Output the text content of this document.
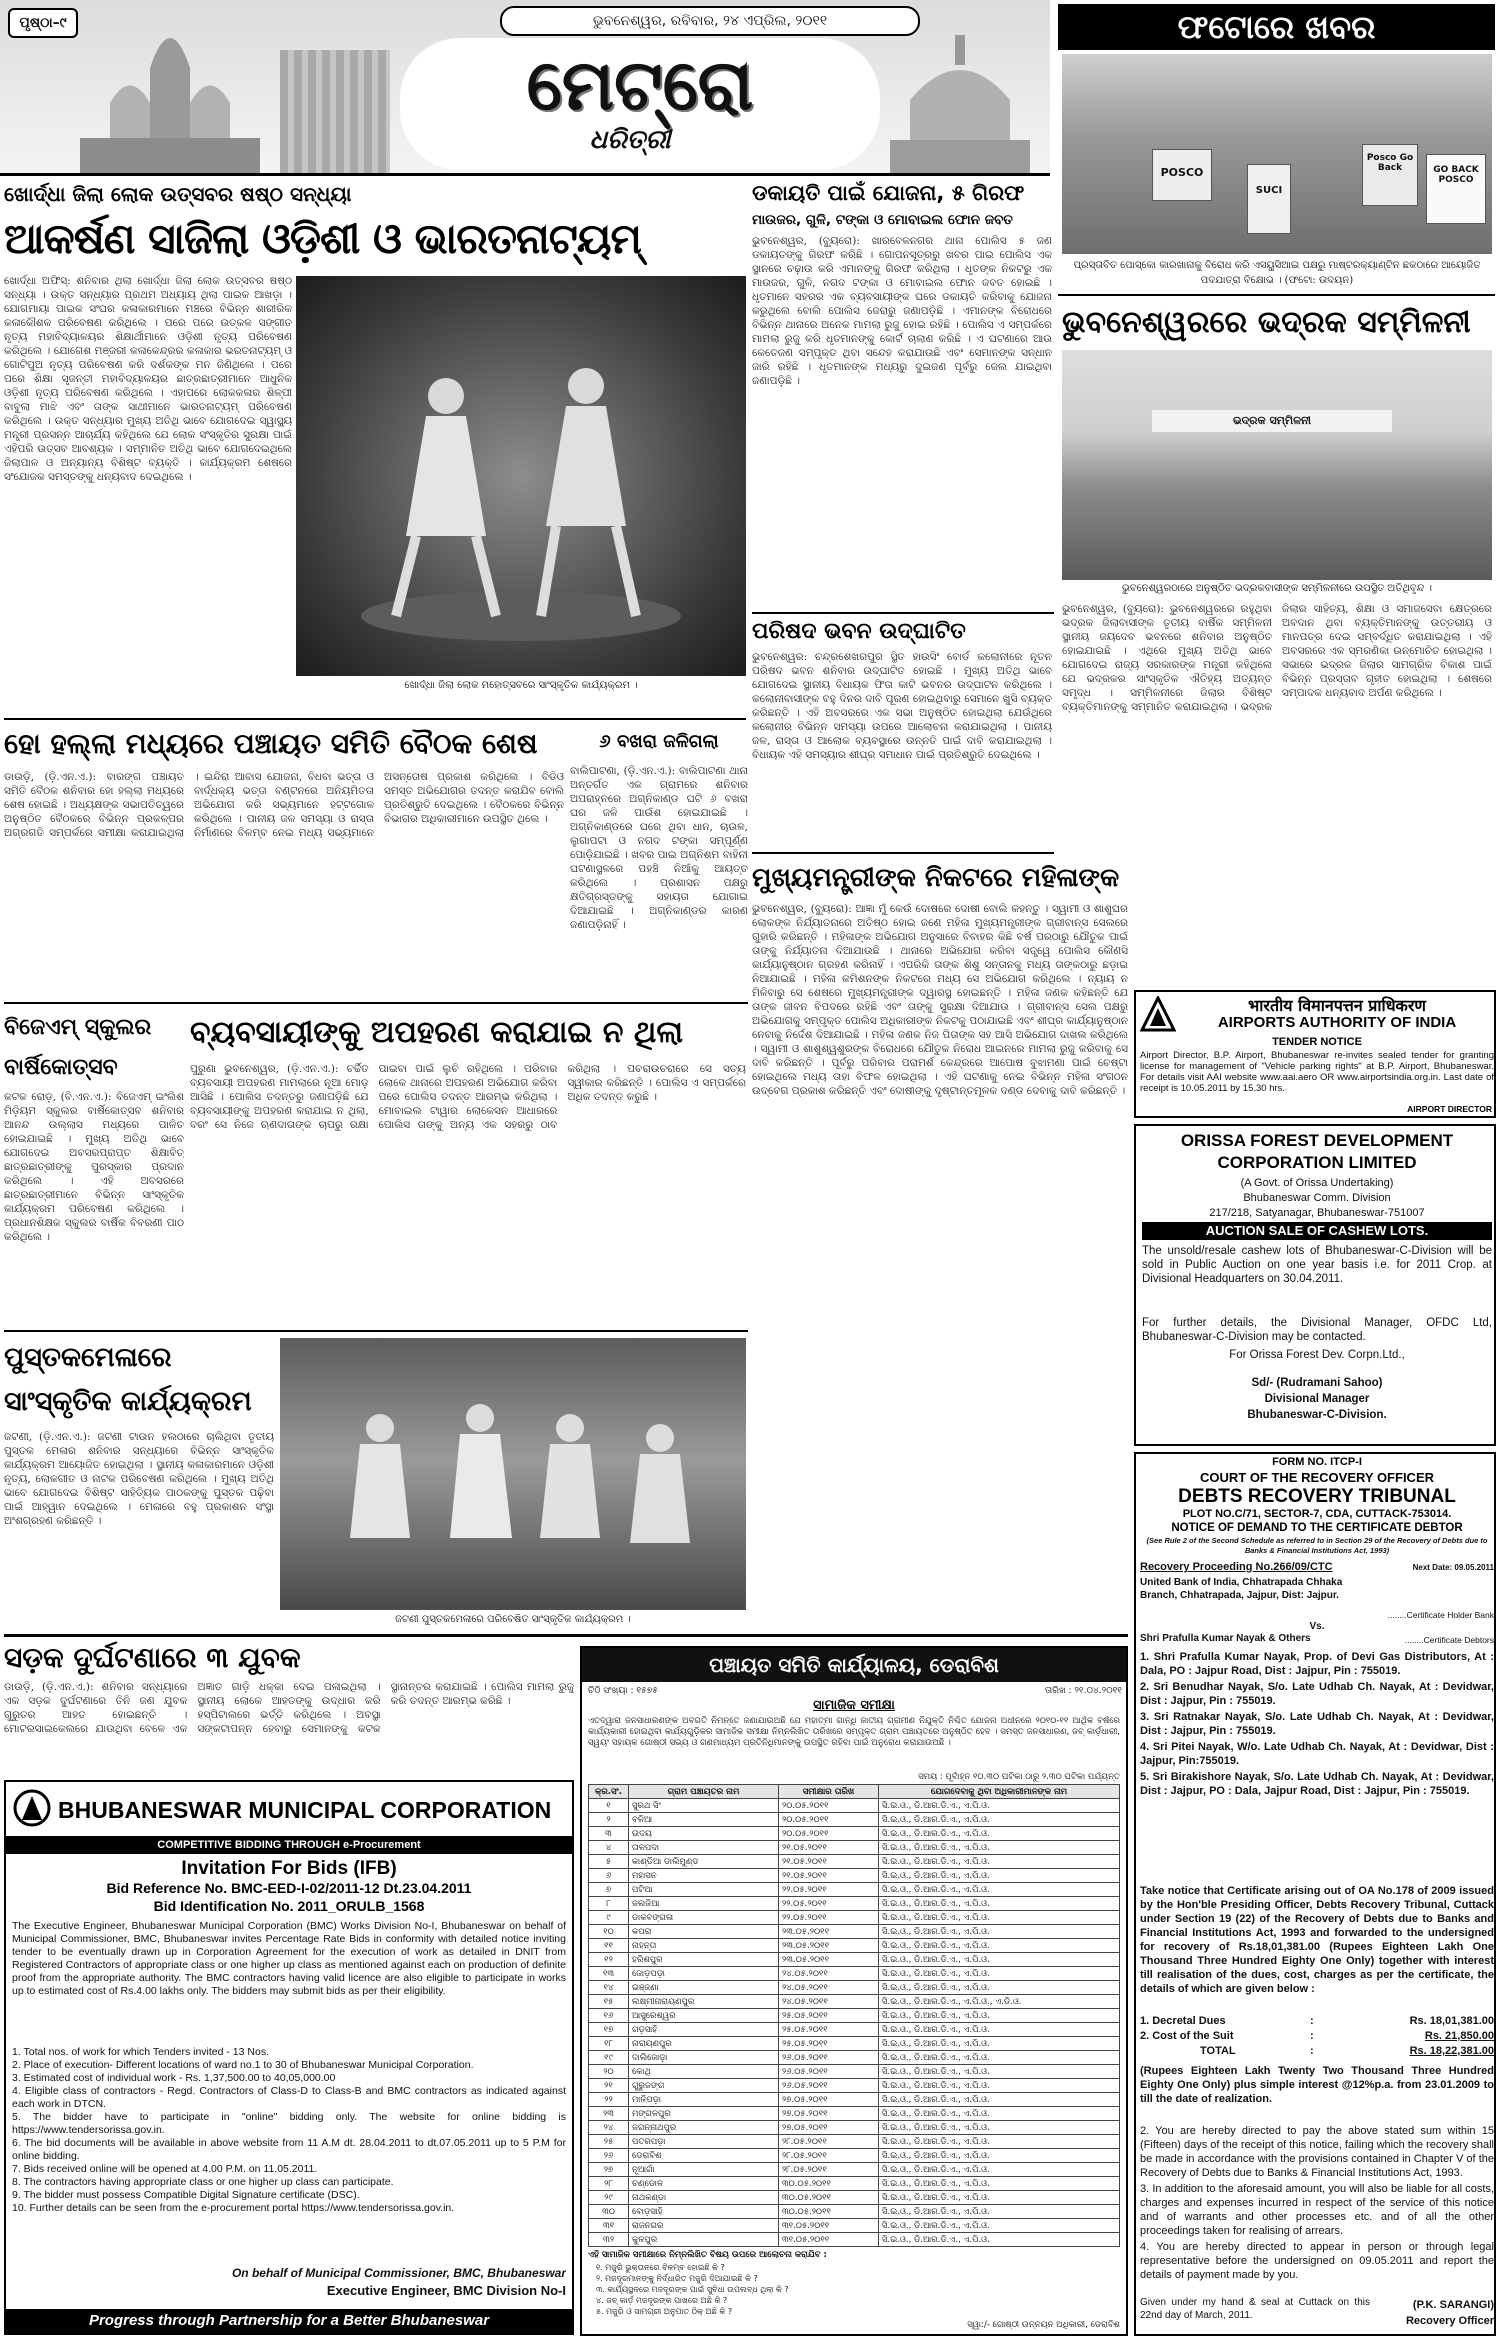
ପୃଷ୍ଠା–୯	ଭୁବନେଶ୍ୱର, ରବିବାର, ୨୪ ଏପ୍ରିଲ, ୨୦୧୧
ମେଟ୍ରୋ
ଧରିତ୍ରୀ
ଫଟୋରେ ଖବର
POSCO
SUCI
Posco Go Back	GO BACK POSCO
ପ୍ରସ୍ତାବିତ ପୋସ୍କୋ କାରଖାନାକୁ ବିରୋଧ କରି ଏସୟୁସିଆଇ ପକ୍ଷରୁ ମାଷ୍ଟରକ୍ୟାଣ୍ଟିନ ଛକଠାରେ ଆୟୋଜିତ ପଦଯାତ୍ରା ବିକ୍ଷୋଭ । (ଫଟୋ: ଉଦୟନ)
ଭୁବନେଶ୍ୱରରେ ଭଦ୍ରକ ସମ୍ମିଳନୀ
ଭଦ୍ରକ ସମ୍ମିଳନୀ
ଭୁବନେଶ୍ୱରଠାରେ ଅନୁଷ୍ଠିତ ଭଦ୍ରକବାସୀଙ୍କ ସମ୍ମିଳନୀରେ ଉପସ୍ଥିତ ଅତିଥିବୃନ୍ଦ ।
ଭୁବନେଶ୍ୱର, (ବ୍ୟୁରୋ): ଭୁବନେଶ୍ୱରରେ ରହୁଥିବା ଭଦ୍ରକ ଜିଲାବାସୀଙ୍କ ତୃତୀୟ ବାର୍ଷିକ ସମ୍ମିଳନୀ ସ୍ଥାନୀୟ ଜୟଦେବ ଭବନରେ ଶନିବାର ଅନୁଷ୍ଠିତ ହୋଇଯାଇଛି । ଏଥିରେ ମୁଖ୍ୟ ଅତିଥି ଭାବେ ଯୋଗଦେଇ ରାଜ୍ୟ ସରକାରଙ୍କ ମନ୍ତ୍ରୀ କହିଥିଲେ ଯେ ଭଦ୍ରକର ସାଂସ୍କୃତିକ ଐତିହ୍ୟ ଅତ୍ୟନ୍ତ ସମୃଦ୍ଧ । ସମ୍ମିଳନୀରେ ଜିଲାର ବିଶିଷ୍ଟ ବ୍ୟକ୍ତିମାନଙ୍କୁ ସମ୍ମାନିତ କରାଯାଇଥିଲା । ଭଦ୍ରକ ଜିଲାର ସାହିତ୍ୟ, ଶିକ୍ଷା ଓ ସମାଜସେବା କ୍ଷେତ୍ରରେ ଅବଦାନ ଥିବା ବ୍ୟକ୍ତିମାନଙ୍କୁ ଉତ୍ତରୀୟ ଓ ମାନପତ୍ର ଦେଇ ସମ୍ବର୍ଦ୍ଧିତ କରାଯାଇଥିଲା । ଏହି ଅବସରରେ ଏକ ସ୍ମରଣିକା ଉନ୍ମୋଚିତ ହୋଇଥିଲା । ସଭାରେ ଭଦ୍ରକ ଜିଲାର ସାମଗ୍ରିକ ବିକାଶ ପାଇଁ ବିଭିନ୍ନ ପ୍ରସ୍ତାବ ଗୃହୀତ ହୋଇଥିଲା । ଶେଷରେ ସମ୍ପାଦକ ଧନ୍ୟବାଦ ଅର୍ପଣ କରିଥିଲେ ।
भारतीय विमानपत्तन प्राधिकरण
AIRPORTS AUTHORITY OF INDIA
TENDER NOTICE
Airport Director, B.P. Airport, Bhubaneswar re-invites sealed tender for granting license for management of "Vehicle parking rights" at B.P. Airport, Bhubaneswar. For details visit AAI website www.aai.aero OR www.airportsindia.org.in. Last date of receipt is 10.05.2011 by 15.30 hrs.
AIRPORT DIRECTOR
ORISSA FOREST DEVELOPMENT CORPORATION LIMITED
(A Govt. of Orissa Undertaking)
Bhubaneswar Comm. Division
217/218, Satyanagar, Bhubaneswar-751007
AUCTION SALE OF CASHEW LOTS.
The unsold/resale cashew lots of Bhubaneswar-C-Division will be sold in Public Auction on one year basis i.e. for 2011 Crop. at Divisional Headquarters on 30.04.2011.
For further details, the Divisional Manager, OFDC Ltd, Bhubaneswar-C-Division may be contacted.
For Orissa Forest Dev. Corpn.Ltd.,
Sd/- (Rudramani Sahoo)
Divisional Manager
Bhubaneswar-C-Division.
FORM NO. ITCP-I
COURT OF THE RECOVERY OFFICER
DEBTS RECOVERY TRIBUNAL
PLOT NO.C/71, SECTOR-7, CDA, CUTTACK-753014.
NOTICE OF DEMAND TO THE CERTIFICATE DEBTOR
(See Rule 2 of the Second Schedule as referred to in Section 29 of the Recovery of Debts due to Banks & Financial Institutions Act, 1993)
Recovery Proceeding No.266/09/CTC	Next Date: 09.05.2011
United Bank of India, Chhatrapada Chhaka Branch, Chhatrapada, Jajpur, Dist: Jajpur.
........Certificate Holder Bank
Vs.
Shri Prafulla Kumar Nayak & Others	........Certificate Debtors
1. Shri Prafulla Kumar Nayak, Prop. of Devi Gas Distributors, At : Dala, PO : Jajpur Road, Dist : Jajpur, Pin : 755019.
2. Sri Benudhar Nayak, S/o. Late Udhab Ch. Nayak, At : Devidwar, Dist : Jajpur, Pin : 755019.
3. Sri Ratnakar Nayak, S/o. Late Udhab Ch. Nayak, At : Devidwar, Dist : Jajpur, Pin : 755019.
4. Sri Pitei Nayak, W/o. Late Udhab Ch. Nayak, At : Devidwar, Dist : Jajpur, Pin:755019.
5. Sri Birakishore Nayak, S/o. Late Udhab Ch. Nayak, At : Devidwar, Dist : Jajpur, PO : Dala, Jajpur Road, Dist : Jajpur, Pin : 755019.
Take notice that Certificate arising out of OA No.178 of 2009 issued by the Hon'ble Presiding Officer, Debts Recovery Tribunal, Cuttack under Section 19 (22) of the Recovery of Debts due to Banks and Financial Institutions Act, 1993 and forwarded to the undersigned for recovery of Rs.18,01,381.00 (Rupees Eighteen Lakh One Thousand Three Hundred Eighty One Only) together with interest till realisation of the dues, cost, charges as per the certificate, the details of which are given below :
1. Decretal Dues	:	Rs. 18,01,381.00
2. Cost of the Suit	:	Rs. 21,850.00
TOTAL	:	Rs. 18,22,381.00
(Rupees Eighteen Lakh Twenty Two Thousand Three Hundred Eighty One Only) plus simple interest @12%p.a. from 23.01.2009 to till the date of realization.
2. You are hereby directed to pay the above stated sum within 15 (Fifteen) days of the receipt of this notice, failing which the recovery shall be made in accordance with the provisions contained in Chapter V of the Recovery of Debts due to Banks & Financial Institutions Act, 1993.
3. In addition to the aforesaid amount, you will also be liable for all costs, charges and expenses incurred in respect of the service of this notice and of warrants and other processes etc. and of all the other proceedings taken for realising of arrears.
4. You are hereby directed to appear in person or through legal representative before the undersigned on 09.05.2011 and report the details of payment made by you.
Given under my hand & seal at Cuttack on this 22nd day of March, 2011.
(P.K. SARANGI)
Recovery Officer
ଖୋର୍ଦ୍ଧା ଜିଲା ଲୋକ ଉତ୍ସବର ଷଷ୍ଠ ସନ୍ଧ୍ୟା
ଆକର୍ଷଣ ସାଜିଲା ଓଡ଼ିଶୀ ଓ ଭାରତନାଟ୍ୟମ୍
ଖୋର୍ଦ୍ଧା ଅଫିସ୍: ଶନିବାର ଥିଲା ଖୋର୍ଦ୍ଧା ଜିଲା ଲୋକ ଉତ୍ସବର ଷଷ୍ଠ ସନ୍ଧ୍ୟା । ଉକ୍ତ ସନ୍ଧ୍ୟାର ପ୍ରଥମ ଅଧ୍ୟାୟ ଥିଲା ପାଇକ ଆଖଡ଼ା । ଯୋଗମାୟା ପାଇକ ସଂଘର କଳାକାରମାନେ ମଞ୍ଚରେ ବିଭିନ୍ନ ଶାରୀରିକ କଳାକୌଶଳ ପରିବେଷଣ କରିଥିଲେ । ପରେ ପରେ ଉତ୍କଳ ସଙ୍ଗୀତ ନୃତ୍ୟ ମହାବିଦ୍ୟାଳୟର ଶିକ୍ଷାର୍ଥୀମାନେ ଓଡ଼ିଶୀ ନୃତ୍ୟ ପରିବେଷଣ କରିଥିଲେ । ଯୋଗେଶ ମଞ୍ଜରୀ କଳାକେନ୍ଦ୍ରର କଳାକାର ଭରତନାଟ୍ୟମ୍ ଓ ଗୋଟିପୁଅ ନୃତ୍ୟ ପରିବେଷଣ କରି ଦର୍ଶକଙ୍କ ମନ ଜିଣିଥିଲେ । ପରେ ପରେ ଶିକ୍ଷା ସୃଜନ୍ତୀ ମହାବିଦ୍ୟାଳୟର ଛାତ୍ରଛାତ୍ରୀମାନେ ଆଧୁନିକ ଓଡ଼ିଶୀ ନୃତ୍ୟ ପରିବେଷଣ କରିଥିଲେ । ଏହାପରେ ଲୋକକଳାର ଶିଳ୍ପୀ ବାବୁଲା ମାଝି ଏବଂ ତାଙ୍କ ସାଥୀମାନେ ଭାରତନାଟ୍ୟମ୍ ପରିବେଷଣ କରିଥିଲେ । ଉକ୍ତ ସନ୍ଧ୍ୟାର ମୁଖ୍ୟ ଅତିଥି ଭାବେ ଯୋଗଦେଇ ସ୍ୱାସ୍ଥ୍ୟ ମନ୍ତ୍ରୀ ପ୍ରସନ୍ନ ଆଚାର୍ଯ୍ୟ କହିଥିଲେ ଯେ ଲୋକ ସଂସ୍କୃତିର ସୁରକ୍ଷା ପାଇଁ ଏହିପରି ଉତ୍ସବ ଆବଶ୍ୟକ । ସମ୍ମାନିତ ଅତିଥି ଭାବେ ଯୋଗଦେଇଥିଲେ ଜିଲାପାଳ ଓ ଅନ୍ୟାନ୍ୟ ବିଶିଷ୍ଟ ବ୍ୟକ୍ତି । କାର୍ଯ୍ୟକ୍ରମ ଶେଷରେ ସଂଯୋଜକ ସମସ୍ତଙ୍କୁ ଧନ୍ୟବାଦ ଦେଇଥିଲେ ।
ଖୋର୍ଦ୍ଧା ଜିଲା ଲୋକ ମହୋତ୍ସବରେ ସାଂସ୍କୃତିକ କାର୍ଯ୍ୟକ୍ରମ ।
ଡକାୟତି ପାଇଁ ଯୋଜନା, ୫ ଗିରଫ
ମାଉଜର, ଗୁଳି, ଟଙ୍କା ଓ ମୋବାଇଲ ଫୋନ ଜବତ
ଭୁବନେଶ୍ୱର, (ବ୍ୟୁରୋ): ଖାରବେଳନଗର ଥାନା ପୋଲିସ ୫ ଜଣ ଡକାୟତଙ୍କୁ ଗିରଫ କରିଛି । ଗୋପନସୂତ୍ରରୁ ଖବର ପାଇ ପୋଲିସ ଏକ ସ୍ଥାନରେ ଚଢ଼ାଉ କରି ଏମାନଙ୍କୁ ଗିରଫ କରିଥିଲା । ଧୃତଙ୍କ ନିକଟରୁ ଏକ ମାଉଜର, ଗୁଳି, ନଗଦ ଟଙ୍କା ଓ ମୋବାଇଲ ଫୋନ ଜବତ ହୋଇଛି । ଧୃତମାନେ ସହରର ଏକ ବ୍ୟବସାୟୀଙ୍କ ଘରେ ଡକାୟତି କରିବାକୁ ଯୋଜନା କରୁଥିଲେ ବୋଲି ପୋଲିସ ଜେରାରୁ ଜଣାପଡ଼ିଛି । ଏମାନଙ୍କ ବିରୋଧରେ ବିଭିନ୍ନ ଥାନାରେ ଅନେକ ମାମଲା ରୁଜୁ ହୋଇ ରହିଛି । ପୋଲିସ ଏ ସମ୍ପର୍କରେ ମାମଲା ରୁଜୁ କରି ଧୃତମାନଙ୍କୁ କୋର୍ଟ ଚାଲାଣ କରିଛି । ଏ ଘଟଣାରେ ଆଉ କେତେଜଣ ସମ୍ପୃକ୍ତ ଥିବା ସନ୍ଦେହ କରାଯାଉଛି ଏବଂ ସେମାନଙ୍କ ସନ୍ଧାନ ଜାରି ରହିଛି । ଧୃତମାନଙ୍କ ମଧ୍ୟରୁ ଦୁଇଜଣ ପୂର୍ବରୁ ଜେଲ ଯାଇଥିବା ଜଣାପଡ଼ିଛି ।
ପରିଷଦ ଭବନ ଉଦ୍‌ଘାଟିତ
ଭୁବନେଶ୍ୱର: ଚନ୍ଦ୍ରଶେଖରପୁର ସ୍ଥିତ ହାଉସିଂ ବୋର୍ଡ କଲୋନୀରେ ନୂତନ ପରିଷଦ ଭବନ ଶନିବାର ଉଦ୍‌ଘାଟିତ ହୋଇଛି । ମୁଖ୍ୟ ଅତିଥି ଭାବେ ଯୋଗଦେଇ ସ୍ଥାନୀୟ ବିଧାୟକ ଫିତା କାଟି ଭବନର ଉଦ୍‌ଘାଟନ କରିଥିଲେ । କଲୋନୀବାସୀଙ୍କ ବହୁ ଦିନର ଦାବି ପୂରଣ ହୋଇଥିବାରୁ ସେମାନେ ଖୁସି ବ୍ୟକ୍ତ କରିଛନ୍ତି । ଏହି ଅବସରରେ ଏକ ସଭା ଅନୁଷ୍ଠିତ ହୋଇଥିଲା ଯେଉଁଥିରେ କଲୋନୀର ବିଭିନ୍ନ ସମସ୍ୟା ଉପରେ ଆଲୋଚନା କରାଯାଇଥିଲା । ପାନୀୟ ଜଳ, ରାସ୍ତା ଓ ଆଲୋକ ବ୍ୟବସ୍ଥାରେ ଉନ୍ନତି ପାଇଁ ଦାବି କରାଯାଇଥିଲା । ବିଧାୟକ ଏହି ସମସ୍ୟାର ଶୀଘ୍ର ସମାଧାନ ପାଇଁ ପ୍ରତିଶ୍ରୁତି ଦେଇଥିଲେ ।
ହୋ ହଲ୍ଲା ମଧ୍ୟରେ ପଞ୍ଚାୟତ ସମିତି ବୈଠକ ଶେଷ
ଡାଉଡ଼ି, (ଡ଼ି.ଏନ.ଏ.): ବାରଙ୍ଗ ପଞ୍ଚାୟତ ସମିତି ବୈଠକ ଶନିବାର ହୋ ହଲ୍ଲା ମଧ୍ୟରେ ଶେଷ ହୋଇଛି । ଅଧ୍ୟକ୍ଷଙ୍କ ସଭାପତିତ୍ୱରେ ଅନୁଷ୍ଠିତ ବୈଠକରେ ବିଭିନ୍ନ ପ୍ରକଳ୍ପର ଅଗ୍ରଗତି ସମ୍ପର୍କରେ ସମୀକ୍ଷା କରାଯାଇଥିଲା । ଇନ୍ଦିରା ଆବାସ ଯୋଜନା, ବିଧବା ଭତ୍ତା ଓ ବାର୍ଦ୍ଧକ୍ୟ ଭତ୍ତା ବଣ୍ଟନରେ ଅନିୟମିତତା ଅଭିଯୋଗ କରି ସଭ୍ୟମାନେ ହଟ୍ଟଗୋଳ କରିଥିଲେ । ପାନୀୟ ଜଳ ସମସ୍ୟା ଓ ରାସ୍ତା ନିର୍ମାଣରେ ବିଳମ୍ବ ନେଇ ମଧ୍ୟ ସଭ୍ୟମାନେ ଅସନ୍ତୋଷ ପ୍ରକାଶ କରିଥିଲେ । ବିଡିଓ ସମସ୍ତ ଅଭିଯୋଗର ତଦନ୍ତ କରାଯିବ ବୋଲି ପ୍ରତିଶ୍ରୁତି ଦେଇଥିଲେ । ବୈଠକରେ ବିଭିନ୍ନ ବିଭାଗର ଅଧିକାରୀମାନେ ଉପସ୍ଥିତ ଥିଲେ ।
୬ ବଖରା ଜଳିଗଲା
ବାଲିପାଟଣା, (ଡ଼ି.ଏନ.ଏ.): ବାଲିପାଟଣା ଥାନା ଅନ୍ତର୍ଗତ ଏକ ଗ୍ରାମରେ ଶନିବାର ଅପରାହ୍ନରେ ଅଗ୍ନିକାଣ୍ଡ ଘଟି ୬ ବଖରା ଘର ଜଳି ପାଉଁଶ ହୋଇଯାଇଛି । ଅଗ୍ନିକାଣ୍ଡରେ ଘରେ ଥିବା ଧାନ, ଚାଉଳ, ଲୁଗାପଟା ଓ ନଗଦ ଟଙ୍କା ସମ୍ପୂର୍ଣ୍ଣ ପୋଡ଼ିଯାଇଛି । ଖବର ପାଇ ଅଗ୍ନିଶମ ବାହିନୀ ଘଟଣାସ୍ଥଳରେ ପହଞ୍ଚି ନିଆଁକୁ ଆୟତ୍ତ କରିଥିଲେ । ପ୍ରଶାସନ ପକ୍ଷରୁ କ୍ଷତିଗ୍ରସ୍ତଙ୍କୁ ସହାୟତା ଯୋଗାଇ ଦିଆଯାଇଛି । ଅଗ୍ନିକାଣ୍ଡର କାରଣ ଜଣାପଡ଼ିନାହିଁ ।
ମୁଖ୍ୟମନ୍ତ୍ରୀଙ୍କ ନିକଟରେ ମହିଳାଙ୍କ
ଭୁବନେଶ୍ୱର, (ବ୍ୟୁରୋ): ଆଜ୍ଞା ମୁଁ କେଉଁ ଦୋଷରେ ଦୋଷୀ ବୋଲି କହନ୍ତୁ । ସ୍ୱାମୀ ଓ ଶାଶୁଘର ଲୋକଙ୍କ ନିର୍ଯ୍ୟାତନାରେ ଅତିଷ୍ଠ ହୋଇ ଜଣେ ମହିଳା ମୁଖ୍ୟମନ୍ତ୍ରୀଙ୍କ ଗ୍ରୀବାନ୍ସ ସେଲରେ ଗୁହାରି କରିଛନ୍ତି । ମହିଳାଙ୍କ ଅଭିଯୋଗ ଅନୁସାରେ ବିବାହର କିଛି ବର୍ଷ ପରଠାରୁ ଯୌତୁକ ପାଇଁ ତାଙ୍କୁ ନିର୍ଯ୍ୟାତନା ଦିଆଯାଉଛି । ଥାନାରେ ଅଭିଯୋଗ କରିବା ସତ୍ତ୍ୱେ ପୋଲିସ କୌଣସି କାର୍ଯ୍ୟାନୁଷ୍ଠାନ ଗ୍ରହଣ କରିନାହିଁ । ଏପରିକି ତାଙ୍କ ଶିଶୁ ସନ୍ତାନକୁ ମଧ୍ୟ ତାଙ୍କଠାରୁ ଛଡ଼ାଇ ନିଆଯାଇଛି । ମହିଳା କମିଶନଙ୍କ ନିକଟରେ ମଧ୍ୟ ସେ ଅଭିଯୋଗ କରିଥିଲେ । ନ୍ୟାୟ ନ ମିଳିବାରୁ ସେ ଶେଷରେ ମୁଖ୍ୟମନ୍ତ୍ରୀଙ୍କ ଦ୍ୱାରସ୍ଥ ହୋଇଛନ୍ତି । ମହିଳା ଜଣକ କହିଛନ୍ତି ଯେ ତାଙ୍କ ଜୀବନ ବିପଦରେ ରହିଛି ଏବଂ ତାଙ୍କୁ ସୁରକ୍ଷା ଦିଆଯାଉ । ଗ୍ରୀବାନ୍ସ ସେଲ ପକ୍ଷରୁ ଅଭିଯୋଗକୁ ସମ୍ପୃକ୍ତ ପୋଲିସ ଅଧିକାରୀଙ୍କ ନିକଟକୁ ପଠାଯାଇଛି ଏବଂ ଶୀଘ୍ର କାର୍ଯ୍ୟାନୁଷ୍ଠାନ ନେବାକୁ ନିର୍ଦ୍ଦେଶ ଦିଆଯାଇଛି । ମହିଳା ଜଣକ ନିଜ ପିତାଙ୍କ ସହ ଆସି ଅଭିଯୋଗ ଦାଖଲ କରିଥିଲେ । ସ୍ୱାମୀ ଓ ଶାଶୁଶ୍ୱଶୁରଙ୍କ ବିରୋଧରେ ଯୌତୁକ ନିରୋଧ ଆଇନରେ ମାମଲା ରୁଜୁ କରିବାକୁ ସେ ଦାବି କରିଛନ୍ତି । ପୂର୍ବରୁ ପରିବାର ପରାମର୍ଶ କେନ୍ଦ୍ରରେ ଆପୋଷ ବୁଝାମଣା ପାଇଁ ଚେଷ୍ଟା ହୋଇଥିଲେ ମଧ୍ୟ ତାହା ବିଫଳ ହୋଇଥିଲା । ଏହି ଘଟଣାକୁ ନେଇ ବିଭିନ୍ନ ମହିଳା ସଂଗଠନ ଉଦ୍‌ବେଗ ପ୍ରକାଶ କରିଛନ୍ତି ଏବଂ ଦୋଷୀଙ୍କୁ ଦୃଷ୍ଟାନ୍ତମୂଳକ ଦଣ୍ଡ ଦେବାକୁ ଦାବି କରିଛନ୍ତି ।
ବିଜେଏମ୍ ସ୍କୁଲର ବାର୍ଷିକୋତ୍ସବ
କଟକ ରୋଡ଼, (ବି.ଏନ.ଏ.): ବିଜେଏମ୍ ଇଂଲିଶ ମିଡ଼ିୟମ ସ୍କୁଲର ବାର୍ଷିକୋତ୍ସବ ଶନିବାର ଆନନ୍ଦ ଉଲ୍ଲାସ ମଧ୍ୟରେ ପାଳିତ ହୋଇଯାଇଛି । ମୁଖ୍ୟ ଅତିଥି ଭାବେ ଯୋଗଦେଇ ଅବସରପ୍ରାପ୍ତ ଶିକ୍ଷାବିତ୍ ଛାତ୍ରଛାତ୍ରୀଙ୍କୁ ପୁରସ୍କାର ପ୍ରଦାନ କରିଥିଲେ । ଏହି ଅବସରରେ ଛାତ୍ରଛାତ୍ରୀମାନେ ବିଭିନ୍ନ ସାଂସ୍କୃତିକ କାର୍ଯ୍ୟକ୍ରମ ପରିବେଷଣ କରିଥିଲେ । ପ୍ରଧାନଶିକ୍ଷକ ସ୍କୁଲର ବାର୍ଷିକ ବିବରଣୀ ପାଠ କରିଥିଲେ ।
ବ୍ୟବସାୟୀଙ୍କୁ ଅପହରଣ କରାଯାଇ ନ ଥିଲା
ପୁରୁଣା ଭୁବନେଶ୍ୱର, (ଡ଼ି.ଏନ.ଏ.): ଚର୍ଚ୍ଚିତ ବ୍ୟବସାୟୀ ଅପହରଣ ମାମଲାରେ ନୂଆ ମୋଡ଼ ଆସିଛି । ପୋଲିସ ତଦନ୍ତରୁ ଜଣାପଡ଼ିଛି ଯେ ବ୍ୟବସାୟୀଙ୍କୁ ଅପହରଣ କରାଯାଇ ନ ଥିଲା, ବରଂ ସେ ନିଜେ ଋଣଦାତାଙ୍କ ଚାପରୁ ରକ୍ଷା ପାଇବା ପାଇଁ ଲୁଚି ରହିଥିଲେ । ପରିବାର ଲୋକେ ଥାନାରେ ଅପହରଣ ଅଭିଯୋଗ କରିବା ପରେ ପୋଲିସ ତଦନ୍ତ ଆରମ୍ଭ କରିଥିଲା । ମୋବାଇଲ ଟାୱାର ଲୋକେସନ ଆଧାରରେ ପୋଲିସ ତାଙ୍କୁ ଅନ୍ୟ ଏକ ସହରରୁ ଠାବ କରିଥିଲା । ପଚରାଉଚରାରେ ସେ ସତ୍ୟ ସ୍ୱୀକାର କରିଛନ୍ତି । ପୋଲିସ ଏ ସମ୍ପର୍କରେ ଅଧିକ ତଦନ୍ତ କରୁଛି ।
ପୁସ୍ତକମେଳାରେ ସାଂସ୍କୃତିକ କାର୍ଯ୍ୟକ୍ରମ
ଜଟଣୀ, (ଡ଼ି.ଏନ.ଏ.): ଜଟଣୀ ଟାଉନ ହଲଠାରେ ଚାଲିଥିବା ତୃତୀୟ ପୁସ୍ତକ ମେଳାର ଶନିବାର ସନ୍ଧ୍ୟାରେ ବିଭିନ୍ନ ସାଂସ୍କୃତିକ କାର୍ଯ୍ୟକ୍ରମ ଆୟୋଜିତ ହୋଇଥିଲା । ସ୍ଥାନୀୟ କଳାକାରମାନେ ଓଡ଼ିଶୀ ନୃତ୍ୟ, ଲୋକଗୀତ ଓ ନାଟକ ପରିବେଷଣ କରିଥିଲେ । ମୁଖ୍ୟ ଅତିଥି ଭାବେ ଯୋଗଦେଇ ବିଶିଷ୍ଟ ସାହିତ୍ୟିକ ପାଠକଙ୍କୁ ପୁସ୍ତକ ପଢ଼ିବା ପାଇଁ ଆହ୍ୱାନ ଦେଇଥିଲେ । ମେଳାରେ ବହୁ ପ୍ରକାଶନ ସଂସ୍ଥା ଅଂଶଗ୍ରହଣ କରିଛନ୍ତି ।
ଜଟଣୀ ପୁସ୍ତକମେଳାରେ ପରିବେଷିତ ସାଂସ୍କୃତିକ କାର୍ଯ୍ୟକ୍ରମ ।
ସଡ଼କ ଦୁର୍ଘଟଣାରେ ୩ ଯୁବକ
ଡାଉଡ଼ି, (ଡ଼ି.ଏନ.ଏ.): ଶନିବାର ସନ୍ଧ୍ୟାରେ ଏକ ସଡ଼କ ଦୁର୍ଘଟଣାରେ ତିନି ଜଣ ଯୁବକ ଗୁରୁତର ଆହତ ହୋଇଛନ୍ତି । ମୋଟରସାଇକେଲରେ ଯାଉଥିବା ବେଳେ ଏକ ଅଜ୍ଞାତ ଗାଡ଼ି ଧକ୍କା ଦେଇ ପଳାଇଥିଲା । ସ୍ଥାନୀୟ ଲୋକେ ଆହତଙ୍କୁ ଉଦ୍ଧାର କରି ହସ୍ପିଟାଲରେ ଭର୍ତ୍ତି କରିଥିଲେ । ଅବସ୍ଥା ସଙ୍କଟାପନ୍ନ ହେବାରୁ ସେମାନଙ୍କୁ କଟକ ସ୍ଥାନାନ୍ତର କରାଯାଇଛି । ପୋଲିସ ମାମଲା ରୁଜୁ କରି ତଦନ୍ତ ଆରମ୍ଭ କରିଛି ।
BHUBANESWAR MUNICIPAL CORPORATION
COMPETITIVE BIDDING THROUGH e-Procurement
Invitation For Bids (IFB)
Bid Reference No. BMC-EED-I-02/2011-12 Dt.23.04.2011
Bid Identification No. 2011_ORULB_1568
The Executive Engineer, Bhubaneswar Municipal Corporation (BMC) Works Division No-I, Bhubaneswar on behalf of Municipal Commissioner, BMC, Bhubaneswar invites Percentage Rate Bids in conformity with detailed notice inviting tender to be eventually drawn up in Corporation Agreement for the execution of work as detailed in DNIT from Registered Contractors of appropriate class or one higher up class as mentioned against each on production of definite proof from the appropriate authority. The BMC contractors having valid licence are also eligible to participate in works up to estimated cost of Rs.4.00 lakhs only. The bidders may submit bids as per their eligibility.
1. Total nos. of work for which Tenders invited - 13 Nos.
2. Place of execution- Different locations of ward no.1 to 30 of Bhubaneswar Municipal Corporation.
3. Estimated cost of individual work - Rs. 1,37,500.00 to 40,05,000.00
4. Eligible class of contractors - Regd. Contractors of Class-D to Class-B and BMC contractors as indicated against each work in DTCN.
5. The bidder have to participate in "online" bidding only. The website for online bidding is https://www.tendersorissa.gov.in.
6. The bid documents will be available in above website from 11 A.M dt. 28.04.2011 to dt.07.05.2011 up to 5 P.M for online bidding.
7. Bids received online will be opened at 4.00 P.M. on 11.05.2011.
8. The contractors having appropriate class or one higher up class can participate.
9. The bidder must possess Compatible Digital Signature certificate (DSC).
10. Further details can be seen from the e-procurement portal https://www.tendersorissa.gov.in.
On behalf of Municipal Commissioner, BMC, Bhubaneswar
Executive Engineer, BMC Division No-I
Progress through Partnership for a Better Bhubaneswar
ପଞ୍ଚାୟତ ସମିତି କାର୍ଯ୍ୟାଳୟ, ଡେରାବିଶ
ଚିଠି ସଂଖ୍ୟା : ୧୫୭୫	ତାରିଖ : ୨୧.୦୪.୨୦୧୧
ସାମାଜିକ ସମୀକ୍ଷା
ଏତଦ୍ୱାରା ଜନସାଧାରଣଙ୍କ ଅବଗତି ନିମନ୍ତେ ଜଣାଯାଉଅଛି ଯେ ମହାତ୍ମା ଗାନ୍ଧି ଜାତୀୟ ଗ୍ରାମୀଣ ନିଯୁକ୍ତି ନିଶ୍ଚିତ ଯୋଜନା ଅଧୀନରେ ୨୦୧୦-୧୧ ଆର୍ଥିକ ବର୍ଷରେ କାର୍ଯ୍ୟକାରୀ ହୋଇଥିବା କାର୍ଯ୍ୟଗୁଡ଼ିକର ସାମାଜିକ ସମୀକ୍ଷା ନିମ୍ନଲିଖିତ ତାରିଖରେ ସମ୍ପୃକ୍ତ ଗ୍ରାମ ପଞ୍ଚାୟତରେ ଅନୁଷ୍ଠିତ ହେବ । ସମସ୍ତ ଜନସାଧାରଣ, ଜବ୍ କାର୍ଡ଼ଧାରୀ, ସ୍ୱୟଂ ସହାୟକ ଗୋଷ୍ଠୀ ସଭ୍ୟ ଓ ଗଣମାଧ୍ୟମ ପ୍ରତିନିଧିମାନଙ୍କୁ ଉପସ୍ଥିତ ରହିବା ପାଇଁ ଅନୁରୋଧ କରାଯାଉଅଛି ।
ସମୟ : ପୂର୍ବାହ୍ନ ୧୦.୩୦ ଘଟିକା ଠାରୁ ୨.୩୦ ଘଟିକା ପର୍ଯ୍ୟନ୍ତ
କ୍ର.ସଂ.	ଗ୍ରାମ ପଞ୍ଚାୟତର ନାମ	ସମୀକ୍ଷାର ତାରିଖ	ଯୋଗଦେବାକୁ ଥିବା ଅଧିକାରୀମାନଙ୍କ ନାମ
୧	ସୁରଥ ସିଂ	୨୦.୦୫.୨୦୧୧	ସି.ଇ.ଓ., ଡି.ଆର.ଡି.ଏ., ଏ.ପି.ଓ.
୨	ବଳିଆ	୨୦.୦୫.୨୦୧୧	ସି.ଇ.ଓ., ଡି.ଆର.ଡି.ଏ., ଏ.ପି.ଓ.
୩	ଉଦୟ	୨୦.୦୫.୨୦୧୧	ସି.ଇ.ଓ., ଡି.ଆର.ଡି.ଏ., ଏ.ପି.ଓ.
୪	ତାଳପଦା	୨୧.୦୫.୨୦୧୧	ସି.ଇ.ଓ., ଡି.ଆର.ଡି.ଏ., ଏ.ପି.ଓ.
୫	କାଣ୍ଡିଆ ଡାଲିମୁଣ୍ଡ	୨୧.୦୫.୨୦୧୧	ସି.ଇ.ଓ., ଡି.ଆର.ଡି.ଏ., ଏ.ପି.ଓ.
୬	ମହାସନ	୨୧.୦୫.୨୦୧୧	ସି.ଇ.ଓ., ଡି.ଆର.ଡି.ଏ., ଏ.ପି.ଓ.
୭	ପଟିଆ	୨୨.୦୫.୨୦୧୧	ସି.ଇ.ଓ., ଡି.ଆର.ଡି.ଏ., ଏ.ପି.ଓ.
୮	ଜଲଜିଆ	୨୨.୦୫.୨୦୧୧	ସି.ଇ.ଓ., ଡି.ଆର.ଡି.ଏ., ଏ.ପି.ଓ.
୯	ଡାକବଙ୍ଗଳା	୨୨.୦୫.୨୦୧୧	ସି.ଇ.ଓ., ଡି.ଆର.ଡି.ଏ., ଏ.ପି.ଓ.
୧୦	କପରା	୨୩.୦୫.୨୦୧୧	ସି.ଇ.ଓ., ଡି.ଆର.ଡି.ଏ., ଏ.ପି.ଓ.
୧୧	ନାହନ୍ତା	୨୩.୦୫.୨୦୧୧	ସି.ଇ.ଓ., ଡି.ଆର.ଡି.ଏ., ଏ.ପି.ଓ.
୧୨	ହରିଶପୁର	୨୩.୦୫.୨୦୧୧	ସି.ଇ.ଓ., ଡି.ଆର.ଡି.ଏ., ଏ.ପି.ଓ.
୧୩	ଜୋଡ଼ପଡ଼ା	୨୪.୦୫.୨୦୧୧	ସି.ଇ.ଓ., ଡି.ଆର.ଡି.ଏ., ଏ.ପି.ଓ.
୧୪	ଇଞ୍ଜଣା	୨୪.୦୫.୨୦୧୧	ସି.ଇ.ଓ., ଡି.ଆର.ଡି.ଏ., ଏ.ପି.ଓ.
୧୫	ଲକ୍ଷ୍ମୀନାରାୟଣପୁର	୨୪.୦୫.୨୦୧୧	ସି.ଇ.ଓ., ଡି.ଆର.ଡି.ଏ., ଏ.ପି.ଓ., ଏ.ଡି.ଓ.
୧୬	ଆସୁରେଶ୍ୱର	୨୫.୦୫.୨୦୧୧	ସି.ଇ.ଓ., ଡି.ଆର.ଡି.ଏ., ଏ.ପି.ଓ.
୧୭	ଗଡ଼ସାହି	୨୫.୦୫.୨୦୧୧	ସି.ଇ.ଓ., ଡି.ଆର.ଡି.ଏ., ଏ.ପି.ଓ.
୧୮	ନାରାୟଣପୁର	୨୫.୦୫.୨୦୧୧	ସି.ଇ.ଓ., ଡି.ଆର.ଡି.ଏ., ଏ.ପି.ଓ.
୧୯	ଦାଲିଜୋଡ଼ା	୨୬.୦୫.୨୦୧୧	ସି.ଇ.ଓ., ଡି.ଆର.ଡି.ଏ., ଏ.ପି.ଓ.
୨୦	କୋଥି	୨୬.୦୫.୨୦୧୧	ସି.ଇ.ଓ., ଡି.ଆର.ଡି.ଏ., ଏ.ପି.ଓ.
୨୧	ଗୁରୁଜଙ୍ଗ	୨୬.୦୫.୨୦୧୧	ସି.ଇ.ଓ., ଡି.ଆର.ଡି.ଏ., ଏ.ପି.ଓ.
୨୨	ମାଳିପଡ଼ା	୨୭.୦୫.୨୦୧୧	ସି.ଇ.ଓ., ଡି.ଆର.ଡି.ଏ., ଏ.ପି.ଓ.
୨୩	ମଙ୍ଗଳପୁର	୨୭.୦୫.୨୦୧୧	ସି.ଇ.ଓ., ଡି.ଆର.ଡି.ଏ., ଏ.ପି.ଓ.
୨୪	ଜଗନ୍ନାଥପୁର	୨୭.୦୫.୨୦୧୧	ସି.ଇ.ଓ., ଡି.ଆର.ଡି.ଏ., ଏ.ପି.ଓ.
୨୫	ପତରପଡ଼ା	୨୮.୦୫.୨୦୧୧	ସି.ଇ.ଓ., ଡି.ଆର.ଡି.ଏ., ଏ.ପି.ଓ.
୨୬	ଡେରାବିଶ	୨୮.୦୫.୨୦୧୧	ସି.ଇ.ଓ., ଡି.ଆର.ଡି.ଏ., ଏ.ପି.ଓ.
୨୭	ନୂଆଗାଁ	୨୮.୦୫.୨୦୧୧	ସି.ଇ.ଓ., ଡି.ଆର.ଡି.ଏ., ଏ.ପି.ଓ.
୨୮	ଚଣ୍ଡୋଳ	୩୦.୦୫.୨୦୧୧	ସି.ଇ.ଓ., ଡି.ଆର.ଡି.ଏ., ଏ.ପି.ଓ.
୨୯	ନାଥକଣ୍ଡା	୩୦.୦୫.୨୦୧୧	ସି.ଇ.ଓ., ଡି.ଆର.ଡି.ଏ., ଏ.ପି.ଓ.
୩୦	ବୋଡ଼ସାହି	୩୦.୦୫.୨୦୧୧	ସି.ଇ.ଓ., ଡି.ଆର.ଡି.ଏ., ଏ.ପି.ଓ.
୩୧	ରାଜନଗର	୩୧.୦୫.୨୦୧୧	ସି.ଇ.ଓ., ଡି.ଆର.ଡି.ଏ., ଏ.ପି.ଓ.
୩୨	କୁଳପୁର	୩୧.୦୫.୨୦୧୧	ସି.ଇ.ଓ., ଡି.ଆର.ଡି.ଏ., ଏ.ପି.ଓ.
ଏହି ସାମାଜିକ ସମୀକ୍ଷାରେ ନିମ୍ନଲିଖିତ ବିଷୟ ଉପରେ ଆଲୋଚନା କରାଯିବ :
୧. ମଜୁରି ଭୁକ୍ତାନରେ ବିଳମ୍ବ ହୋଇଛି କି ?
୨. ମଜଦୂରମାନଙ୍କୁ ନିର୍ଦ୍ଧାରିତ ମଜୁରି ଦିଆଯାଇଛି କି ?
୩. କାର୍ଯ୍ୟସ୍ଥଳରେ ମଜଦୂରଙ୍କ ପାଇଁ ସୁବିଧା ଉପଲବ୍ଧ ଥିଲା କି ?
୪. ଜବ୍ କାର୍ଡ଼ ମଜଦୂରଙ୍କ ପାଖରେ ଅଛି କି ?
୫. ମଜୁରି ଓ ସାମଗ୍ରୀ ଅନୁପାତ ଠିକ୍ ଅଛି କି ?
ସ୍ୱା:/- ଗୋଷ୍ଠୀ ଉନ୍ନୟନ ଅଧିକାରୀ, ଡେରାବିଶ
